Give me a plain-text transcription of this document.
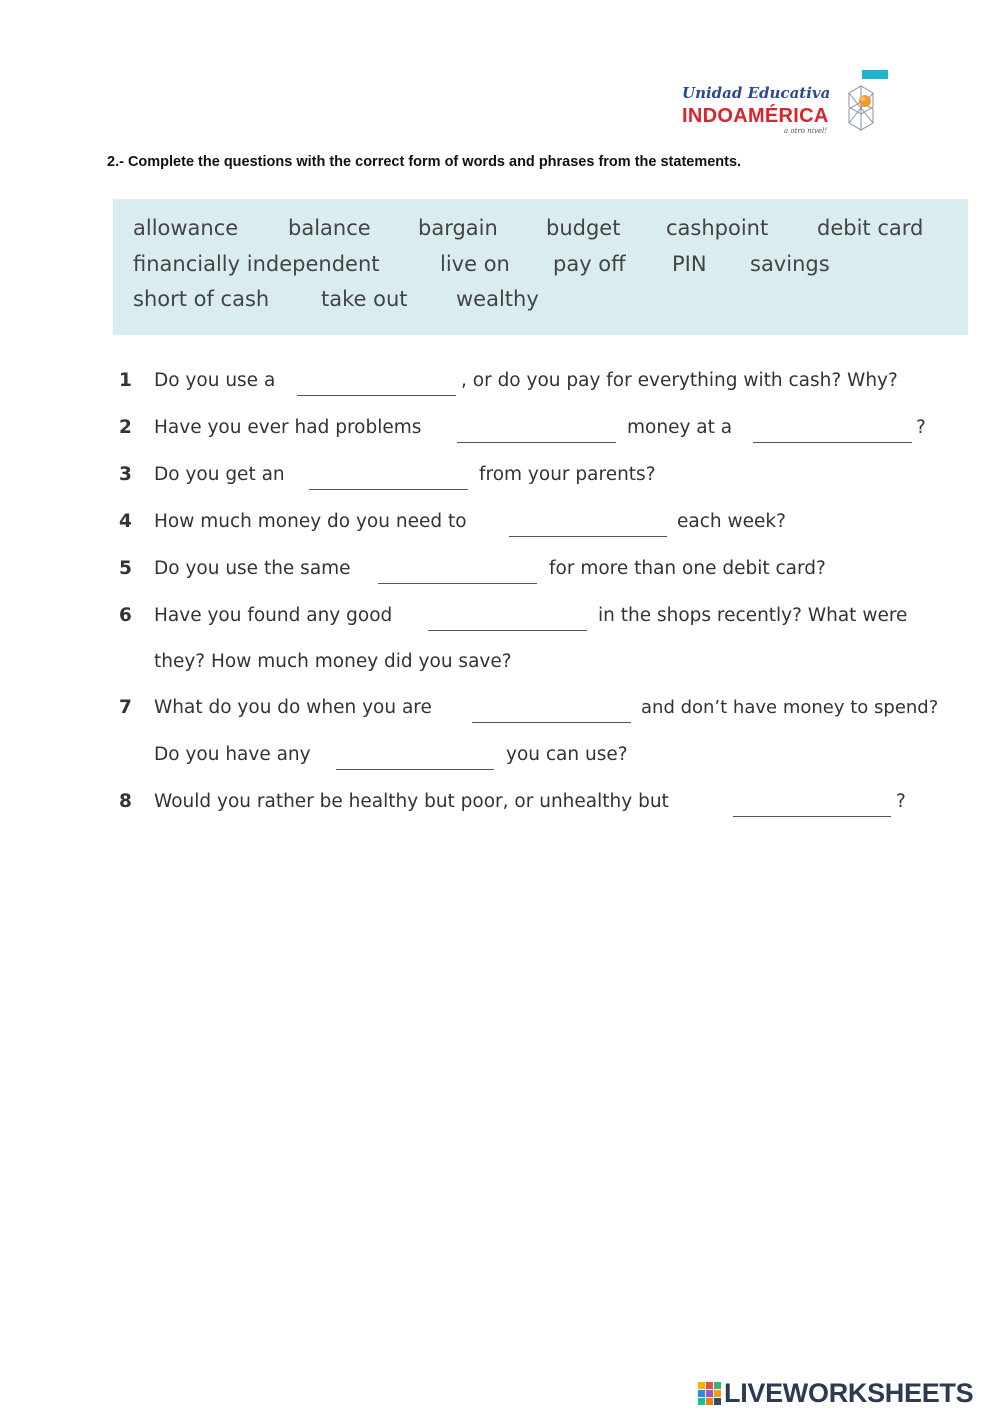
Unidad Educativa
INDOAMÉRICA
a otro nivel!
2.- Complete the questions with the correct form of words and phrases from the statements.
allowance balance bargain budget cashpoint debit card
financially independent	live on pay off PIN savings
short of cash take out wealthy
1 Do you use a	, or do you pay for everything with cash? Why?
2 Have you ever had problems	money at a	?
3 Do you get an	from your parents?
4 How much money do you need to	each week?
5 Do you use the same	for more than one debit card?
6 Have you found any good	in the shops recently? What were
they? How much money did you save?
7 What do you do when you are	and don’t have money to spend?
Do you have any	you can use?
8 Would you rather be healthy but poor, or unhealthy but	?
LIVEWORKSHEETS
